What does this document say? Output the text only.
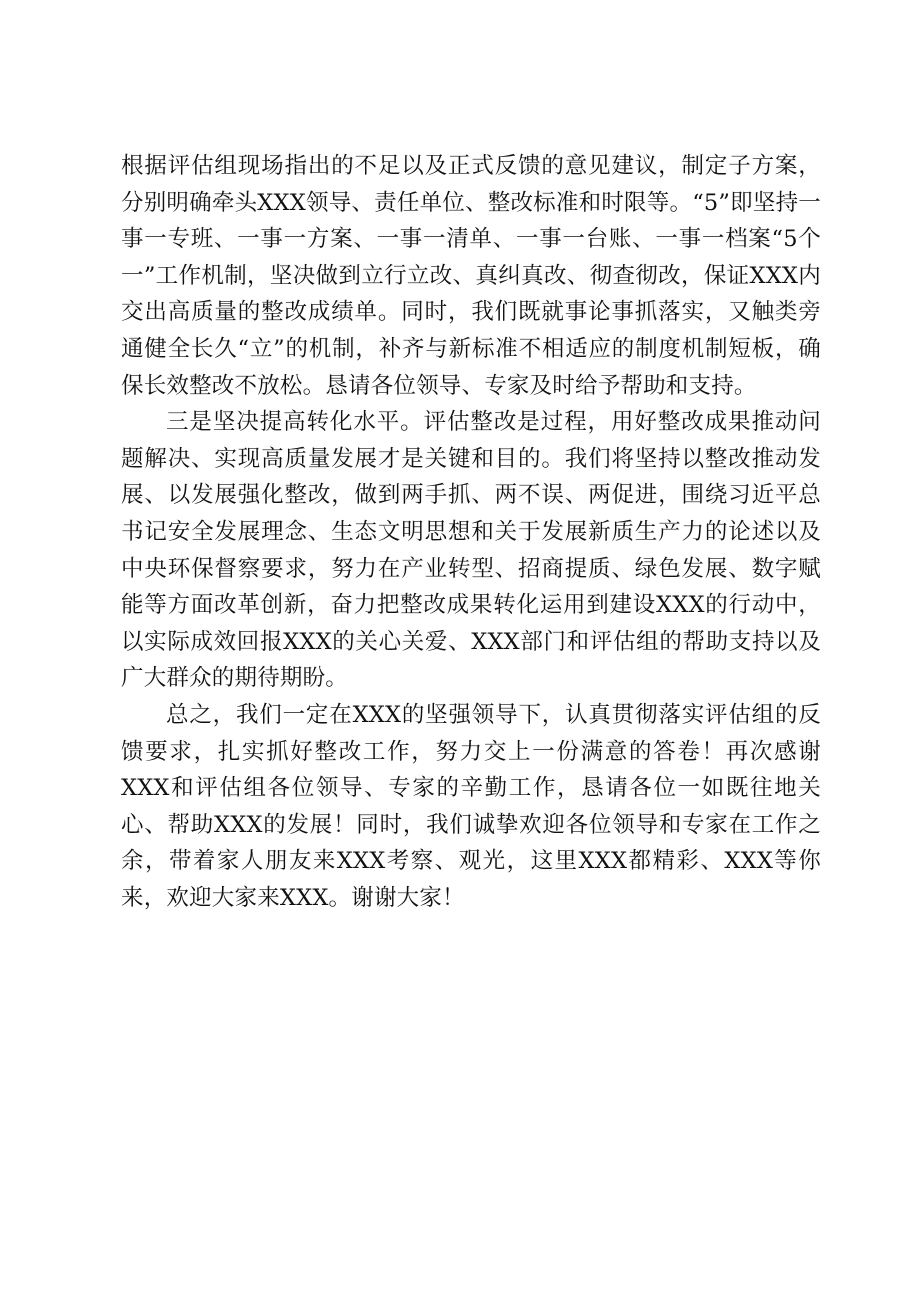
根据评估组现场指出的不足以及正式反馈的意见建议，制定子方案，分别明确牵头XXX领导、责任单位、整改标准和时限等。“5”即坚持一事一专班、一事一方案、一事一清单、一事一台账、一事一档案“5个一”工作机制，坚决做到立行立改、真纠真改、彻查彻改，保证XXX内交出高质量的整改成绩单。同时，我们既就事论事抓落实，又触类旁通健全长久“立”的机制，补齐与新标准不相适应的制度机制短板，确保长效整改不放松。恳请各位领导、专家及时给予帮助和支持。

三是坚决提高转化水平。评估整改是过程，用好整改成果推动问题解决、实现高质量发展才是关键和目的。我们将坚持以整改推动发展、以发展强化整改，做到两手抓、两不误、两促进，围绕习近平总书记安全发展理念、生态文明思想和关于发展新质生产力的论述以及中央环保督察要求，努力在产业转型、招商提质、绿色发展、数字赋能等方面改革创新，奋力把整改成果转化运用到建设XXX的行动中，以实际成效回报XXX的关心关爱、XXX部门和评估组的帮助支持以及广大群众的期待期盼。

总之，我们一定在XXX的坚强领导下，认真贯彻落实评估组的反馈要求，扎实抓好整改工作，努力交上一份满意的答卷！再次感谢XXX和评估组各位领导、专家的辛勤工作，恳请各位一如既往地关心、帮助XXX的发展！同时，我们诚挚欢迎各位领导和专家在工作之余，带着家人朋友来XXX考察、观光，这里XXX都精彩、XXX等你来，欢迎大家来XXX。谢谢大家！
